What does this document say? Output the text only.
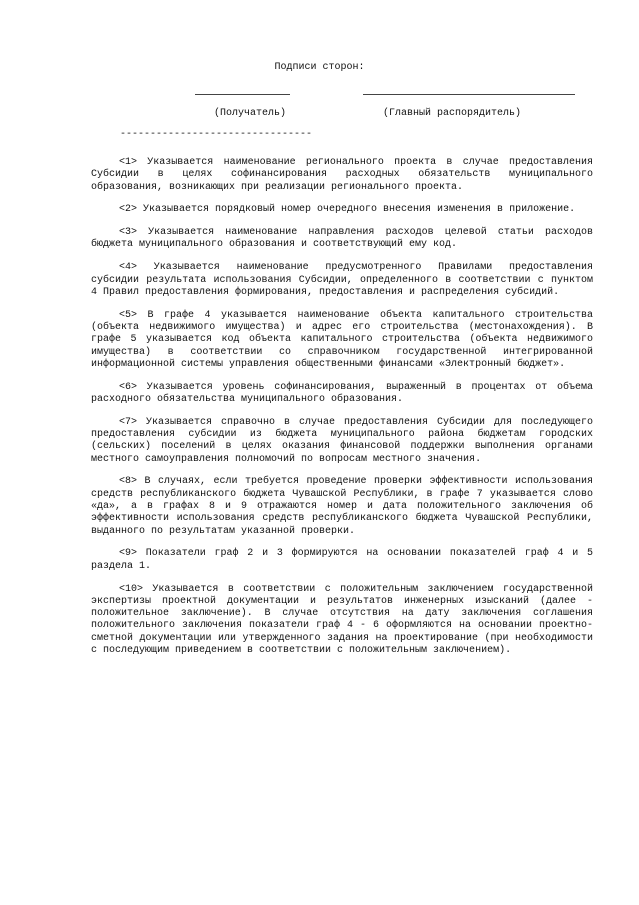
Подписи сторон:
(Получатель)	(Главный распорядитель)
--------------------------------

<1> Указывается наименование регионального проекта в случае предоставления Субсидии в целях софинансирования расходных обязательств муниципального образования, возникающих при реализации регионального проекта.

<2> Указывается порядковый номер очередного внесения изменения в приложение.

<3> Указывается наименование направления расходов целевой статьи расходов бюджета муниципального образования и соответствующий ему код.

<4> Указывается наименование предусмотренного Правилами предоставления субсидии результата использования Субсидии, определенного в соответствии с пунктом 4 Правил предоставления формирования, предоставления и распределения субсидий.

<5> В графе 4 указывается наименование объекта капитального строительства (объекта недвижимого имущества) и адрес его строительства (местонахождения). В графе 5 указывается код объекта капитального строительства (объекта недвижимого имущества) в соответствии со справочником государственной интегрированной информационной системы управления общественными финансами «Электронный бюджет».

<6> Указывается уровень софинансирования, выраженный в процентах от объема расходного обязательства муниципального образования.

<7> Указывается справочно в случае предоставления Субсидии для последующего предоставления субсидии из бюджета муниципального района бюджетам городских (сельских) поселений в целях оказания финансовой поддержки выполнения органами местного самоуправления полномочий по вопросам местного значения.

<8> В случаях, если требуется проведение проверки эффективности использования средств республиканского бюджета Чувашской Республики, в графе 7 указывается слово «да», а в графах 8 и 9 отражаются номер и дата положительного заключения об эффективности использования средств республиканского бюджета Чувашской Республики, выданного по результатам указанной проверки.

<9> Показатели граф 2 и 3 формируются на основании показателей граф 4 и 5 раздела 1.

<10> Указывается в соответствии с положительным заключением государственной экспертизы проектной документации и результатов инженерных изысканий (далее - положительное заключение). В случае отсутствия на дату заключения соглашения положительного заключения показатели граф 4 - 6 оформляются на основании проектно-сметной документации или утвержденного задания на проектирование (при необходимости с последующим приведением в соответствии с положительным заключением).
